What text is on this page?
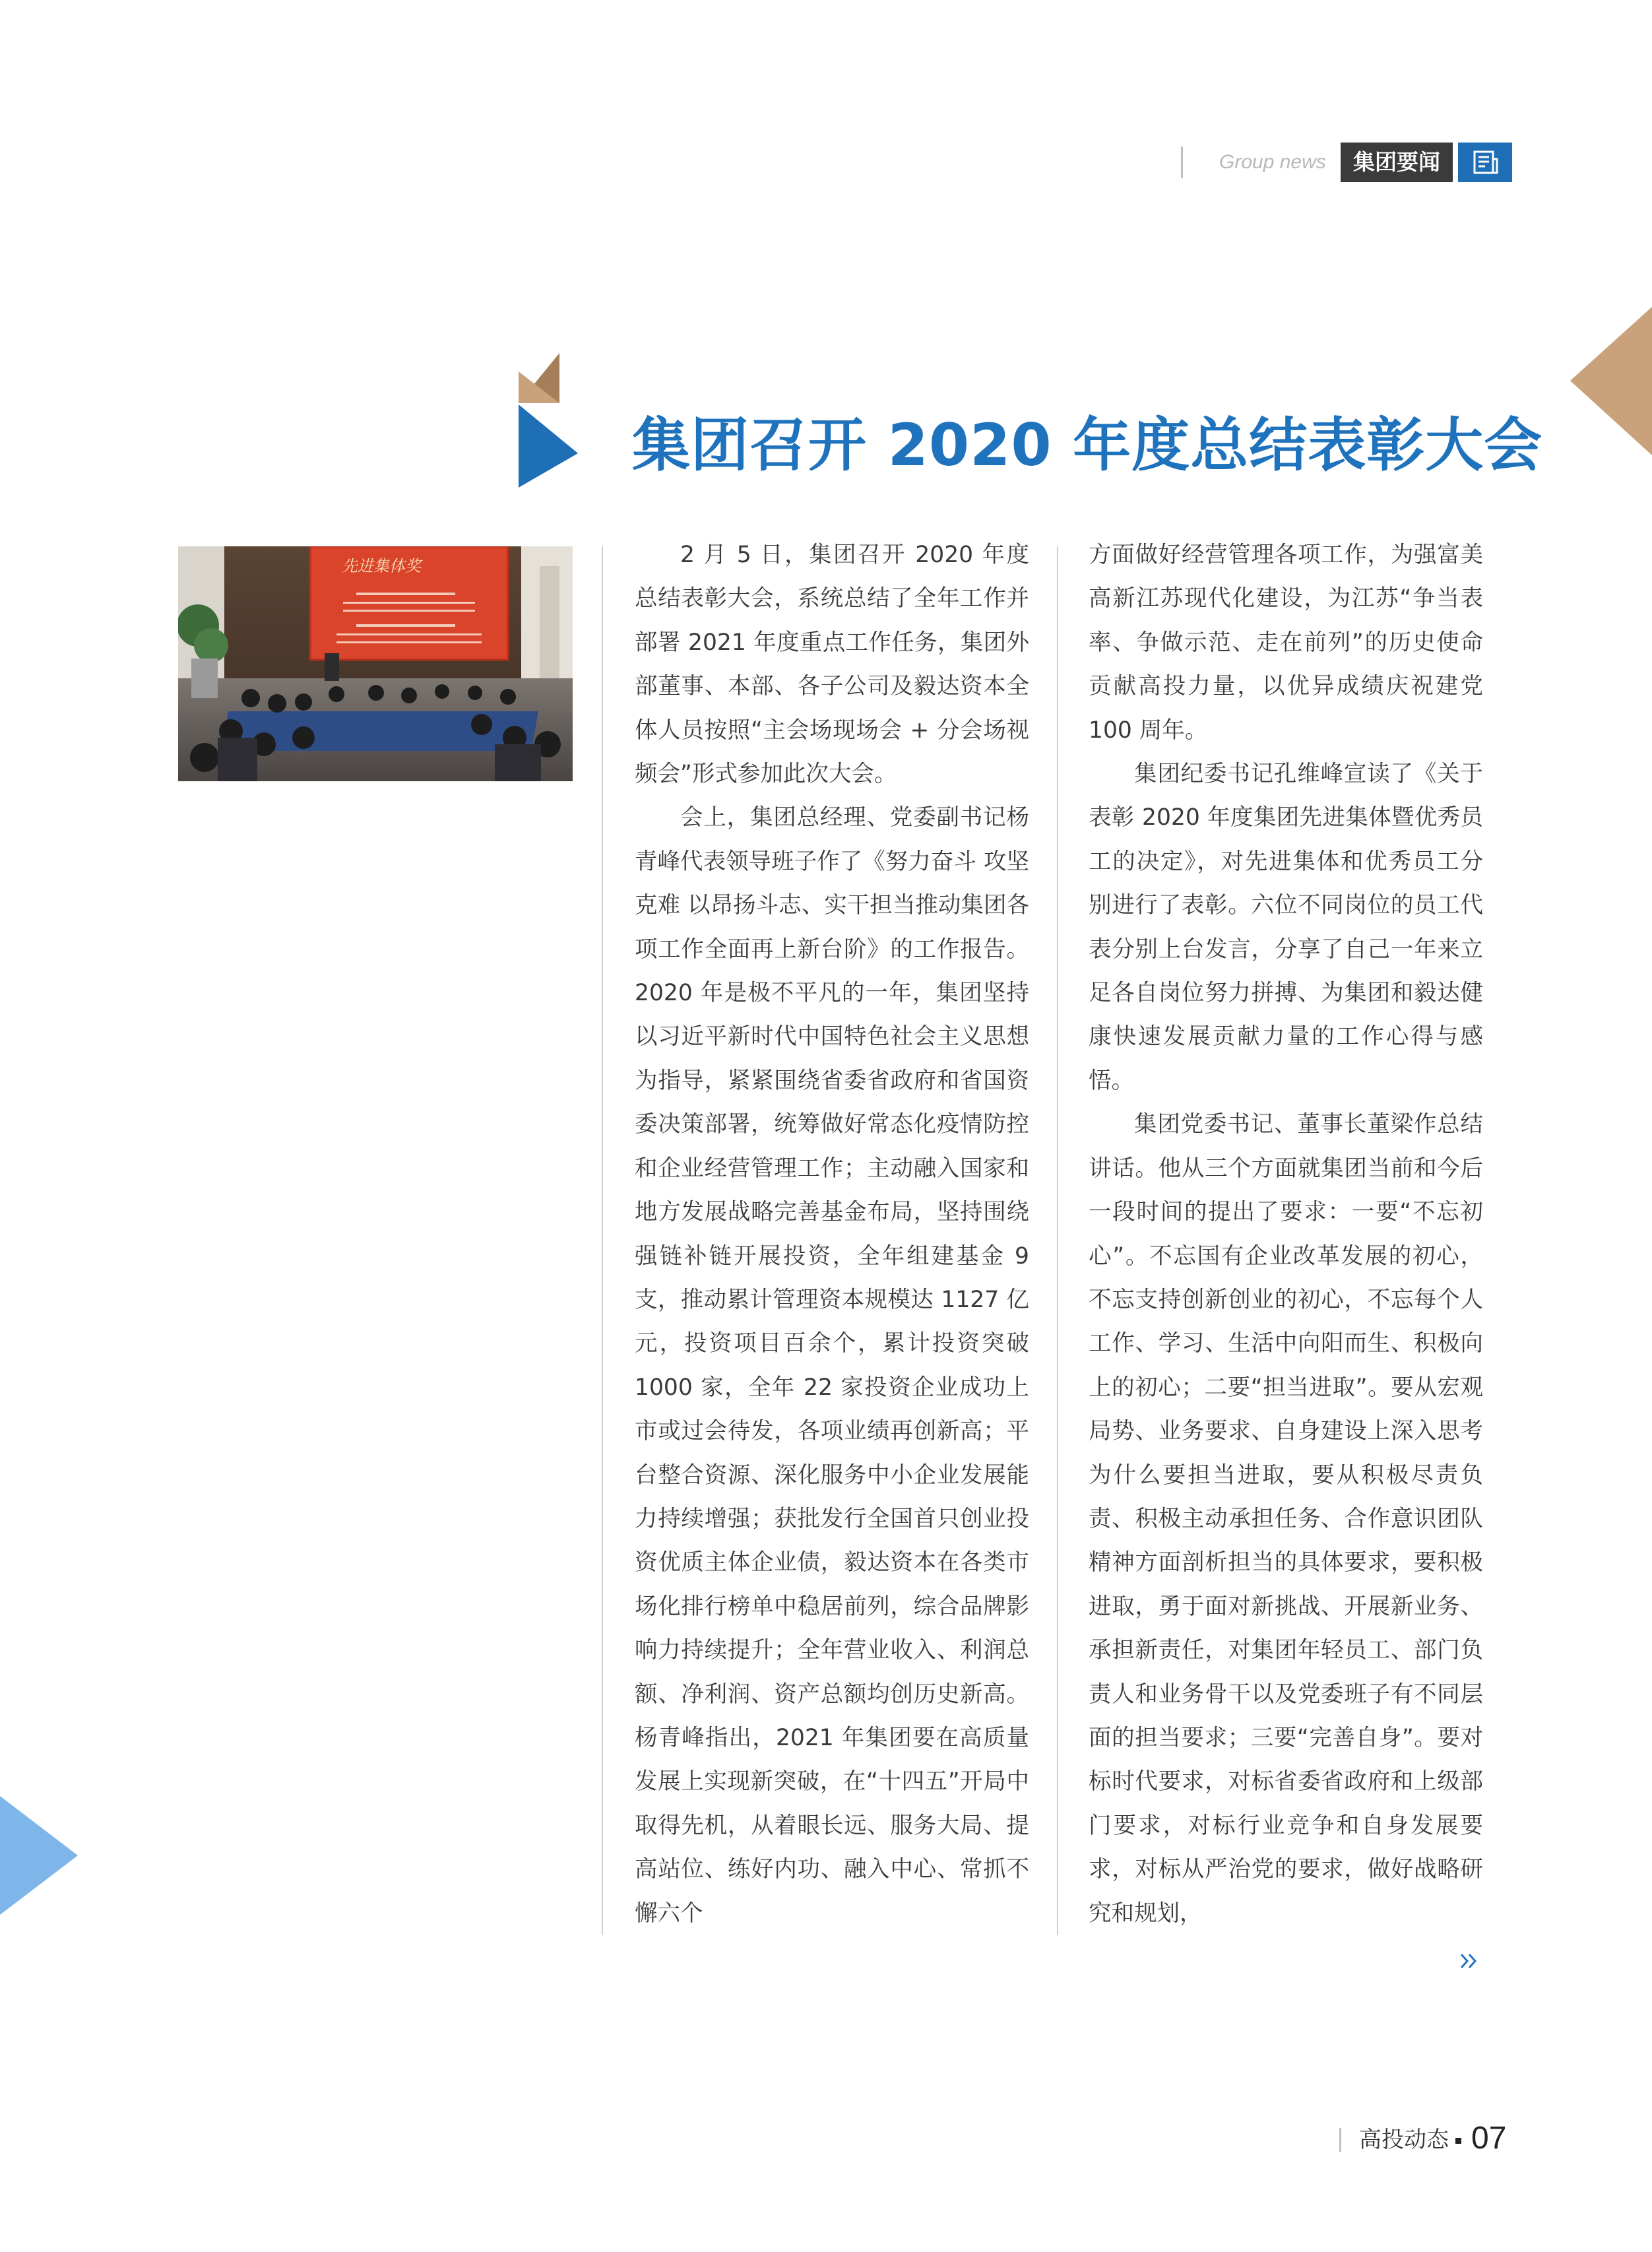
Group news	集团要闻
集团召开 2020 年度总结表彰大会
先进集体奖	2 月 5 日，集团召开 2020 年度总结表彰大会，系统总结了全年工作并部署 2021 年度重点工作任务，集团外部董事、本部、各子公司及毅达资本全体人员按照“主会场现场会 + 分会场视频会”形式参加此次大会。

会上，集团总经理、党委副书记杨青峰代表领导班子作了《努力奋斗 攻坚克难 以昂扬斗志、实干担当推动集团各项工作全面再上新台阶》的工作报告。2020 年是极不平凡的一年，集团坚持以习近平新时代中国特色社会主义思想为指导，紧紧围绕省委省政府和省国资委决策部署，统筹做好常态化疫情防控和企业经营管理工作；主动融入国家和地方发展战略完善基金布局，坚持围绕强链补链开展投资，全年组建基金 9 支，推动累计管理资本规模达 1127 亿元，投资项目百余个，累计投资突破 1000 家，全年 22 家投资企业成功上市或过会待发，各项业绩再创新高；平台整合资源、深化服务中小企业发展能力持续增强；获批发行全国首只创业投资优质主体企业债，毅达资本在各类市场化排行榜单中稳居前列，综合品牌影响力持续提升；全年营业收入、利润总额、净利润、资产总额均创历史新高。杨青峰指出，2021 年集团要在高质量发展上实现新突破，在“十四五”开局中取得先机，从着眼长远、服务大局、提高站位、练好内功、融入中心、常抓不懈六个

方面做好经营管理各项工作，为强富美高新江苏现代化建设，为江苏“争当表率、争做示范、走在前列”的历史使命贡献高投力量，以优异成绩庆祝建党 100 周年。

集团纪委书记孔维峰宣读了《关于表彰 2020 年度集团先进集体暨优秀员工的决定》，对先进集体和优秀员工分别进行了表彰。六位不同岗位的员工代表分别上台发言，分享了自己一年来立足各自岗位努力拼搏、为集团和毅达健康快速发展贡献力量的工作心得与感悟。

集团党委书记、董事长董梁作总结讲话。他从三个方面就集团当前和今后一段时间的提出了要求：一要“不忘初心”。不忘国有企业改革发展的初心，不忘支持创新创业的初心，不忘每个人工作、学习、生活中向阳而生、积极向上的初心；二要“担当进取”。要从宏观局势、业务要求、自身建设上深入思考为什么要担当进取，要从积极尽责负责、积极主动承担任务、合作意识团队精神方面剖析担当的具体要求，要积极进取，勇于面对新挑战、开展新业务、承担新责任，对集团年轻员工、部门负责人和业务骨干以及党委班子有不同层面的担当要求；三要“完善自身”。要对标时代要求，对标省委省政府和上级部门要求，对标行业竞争和自身发展要求，对标从严治党的要求，做好战略研究和规划，

高投动态 07
